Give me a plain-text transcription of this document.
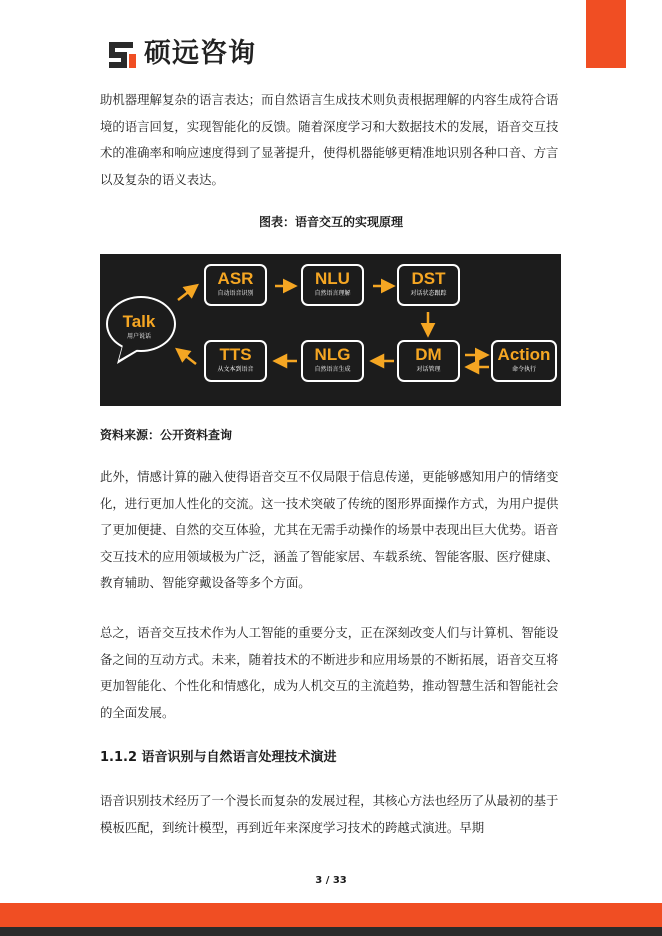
硕远咨询

助机器理解复杂的语言表达；而自然语言生成技术则负责根据理解的内容生成符合语境的语言回复，实现智能化的反馈。随着深度学习和大数据技术的发展，语音交互技术的准确率和响应速度得到了显著提升，使得机器能够更精准地识别各种口音、方言以及复杂的语义表达。

图表：语音交互的实现原理

Talk
用户说话
ASR
自动语音识别
NLU
自然语言理解
DST
对话状态跟踪
DM
对话管理
Action
命令执行
NLG
自然语言生成
TTS
从文本到语音

资料来源：公开资料查询

此外，情感计算的融入使得语音交互不仅局限于信息传递，更能够感知用户的情绪变化，进行更加人性化的交流。这一技术突破了传统的图形界面操作方式，为用户提供了更加便捷、自然的交互体验，尤其在无需手动操作的场景中表现出巨大优势。语音交互技术的应用领域极为广泛，涵盖了智能家居、车载系统、智能客服、医疗健康、教育辅助、智能穿戴设备等多个方面。

总之，语音交互技术作为人工智能的重要分支，正在深刻改变人们与计算机、智能设备之间的互动方式。未来，随着技术的不断进步和应用场景的不断拓展，语音交互将更加智能化、个性化和情感化，成为人机交互的主流趋势，推动智慧生活和智能社会的全面发展。

1.1.2 语音识别与自然语言处理技术演进

语音识别技术经历了一个漫长而复杂的发展过程，其核心方法也经历了从最初的基于模板匹配，到统计模型，再到近年来深度学习技术的跨越式演进。早期

3 / 33
